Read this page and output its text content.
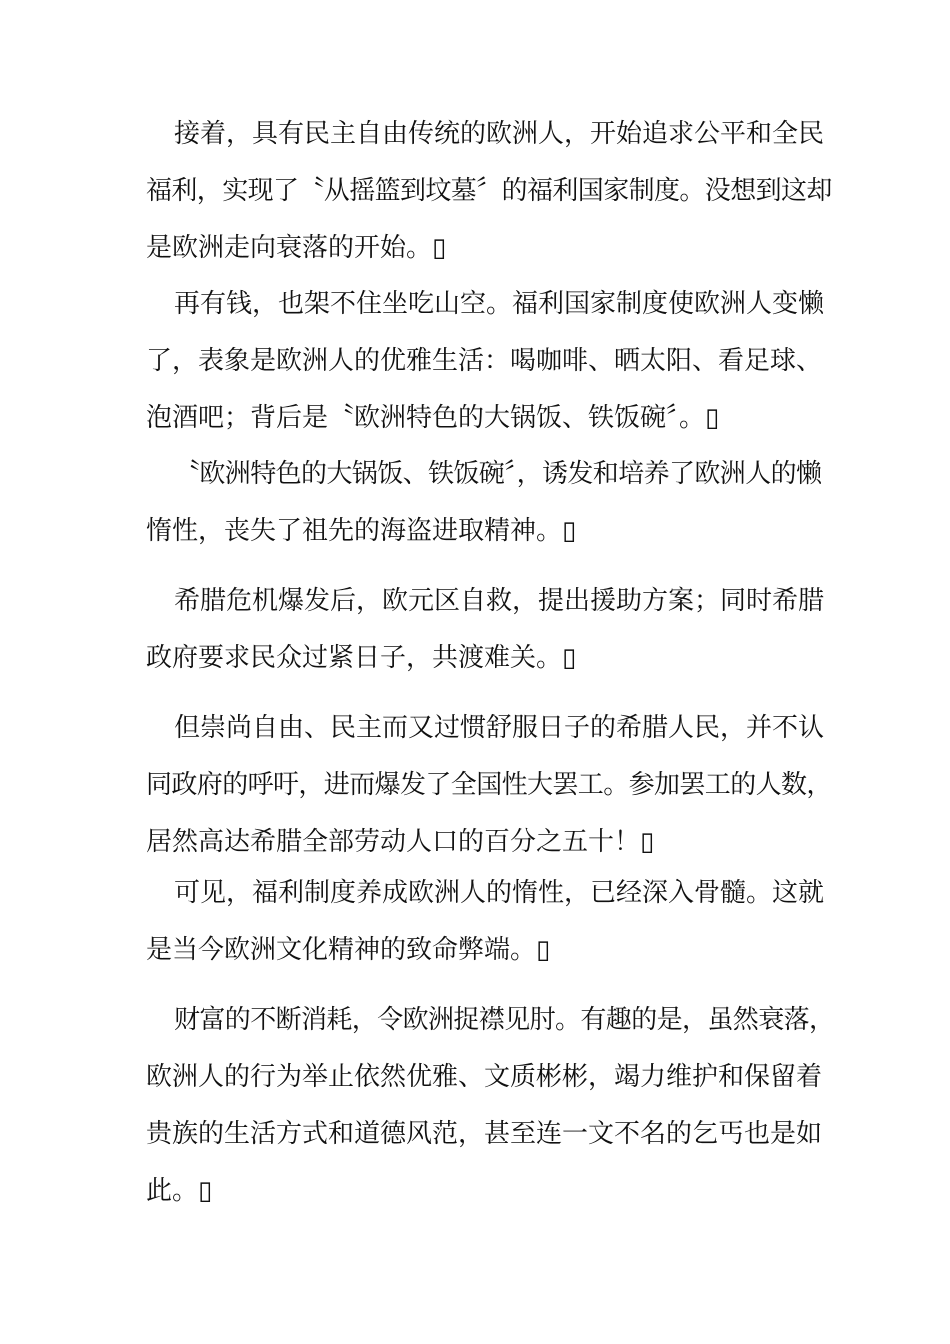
接着，具有民主自由传统的欧洲人，开始追求公平和全民
福利，实现了〝从摇篮到坟墓〞的福利国家制度。没想到这却
是欧洲走向衰落的开始。▯
再有钱，也架不住坐吃山空。福利国家制度使欧洲人变懒
了，表象是欧洲人的优雅生活：喝咖啡、晒太阳、看足球、
泡酒吧；背后是〝欧洲特色的大锅饭、铁饭碗〞。▯
〝欧洲特色的大锅饭、铁饭碗〞，诱发和培养了欧洲人的懒
惰性，丧失了祖先的海盗进取精神。▯
希腊危机爆发后，欧元区自救，提出援助方案；同时希腊
政府要求民众过紧日子，共渡难关。▯
但崇尚自由、民主而又过惯舒服日子的希腊人民，并不认
同政府的呼吁，进而爆发了全国性大罢工。参加罢工的人数，
居然高达希腊全部劳动人口的百分之五十！▯
可见，福利制度养成欧洲人的惰性，已经深入骨髓。这就
是当今欧洲文化精神的致命弊端。▯
财富的不断消耗，令欧洲捉襟见肘。有趣的是，虽然衰落，
欧洲人的行为举止依然优雅、文质彬彬，竭力维护和保留着
贵族的生活方式和道德风范，甚至连一文不名的乞丐也是如
此。▯
